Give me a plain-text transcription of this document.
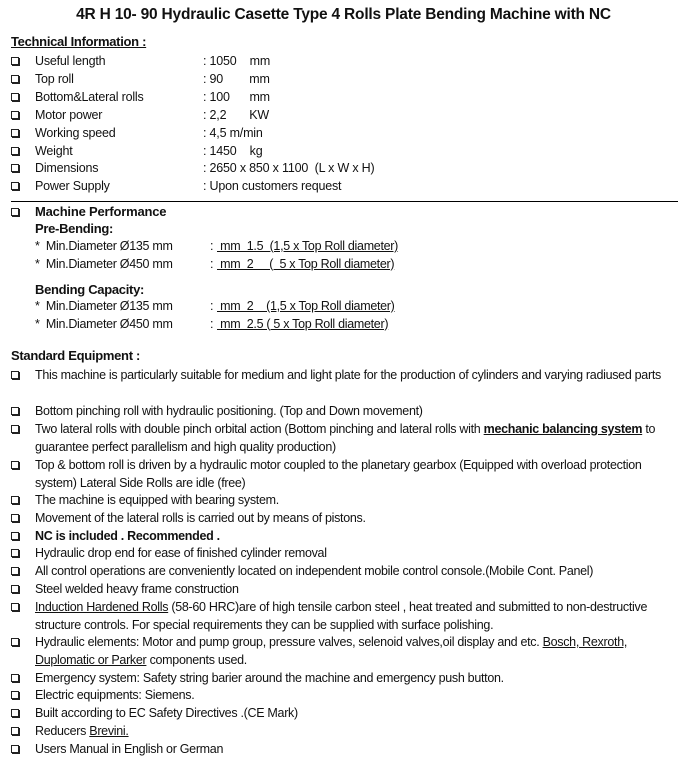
4R H 10- 90 Hydraulic Casette Type 4 Rolls Plate Bending Machine with NC
Technical Information :
Useful length	: 1050    mm
Top roll	: 90        mm
Bottom&Lateral rolls	: 100      mm
Motor power	: 2,2       KW
Working speed	: 4,5 m/min
Weight	: 1450    kg
Dimensions	: 2650 x 850 x 1100  (L x W x H)
Power Supply	: Upon customers request
Machine Performance
Pre-Bending:
*  Min.Diameter Ø135 mm	: mm  1.5  (1,5 x Top Roll diameter)
*  Min.Diameter Ø450 mm	: mm  2     (  5 x Top Roll diameter)
Bending Capacity:
*  Min.Diameter Ø135 mm	: mm  2    (1,5 x Top Roll diameter)
*  Min.Diameter Ø450 mm	: mm  2.5 ( 5 x Top Roll diameter)
Standard Equipment :
This machine is particularly suitable for medium and light plate for the production of cylinders and varying radiused parts
Bottom pinching roll with hydraulic positioning. (Top and Down movement)
Two lateral rolls with double pinch orbital action (Bottom pinching and lateral rolls with mechanic balancing system to guarantee perfect parallelism and high quality production)
Top & bottom roll is driven by a hydraulic motor coupled to the planetary gearbox (Equipped with overload protection system) Lateral Side Rolls are idle (free)
The machine is equipped with bearing system.
Movement of the lateral rolls is carried out by means of pistons.
NC is included . Recommended .
Hydraulic drop end for ease of finished cylinder removal
All control operations are conveniently located on independent mobile control console.(Mobile Cont. Panel)
Steel welded heavy frame construction
Induction Hardened Rolls (58-60 HRC)are of high tensile carbon steel , heat treated and submitted to non-destructive structure controls. For special requirements they can be supplied with surface polishing.
Hydraulic elements: Motor and pump group, pressure valves, selenoid valves,oil display and etc. Bosch, Rexroth, Duplomatic or Parker components used.
Emergency system: Safety string barier around the machine and emergency push button.
Electric equipments: Siemens.
Built according to EC Safety Directives .(CE Mark)
Reducers Brevini.
Users Manual in English or German
